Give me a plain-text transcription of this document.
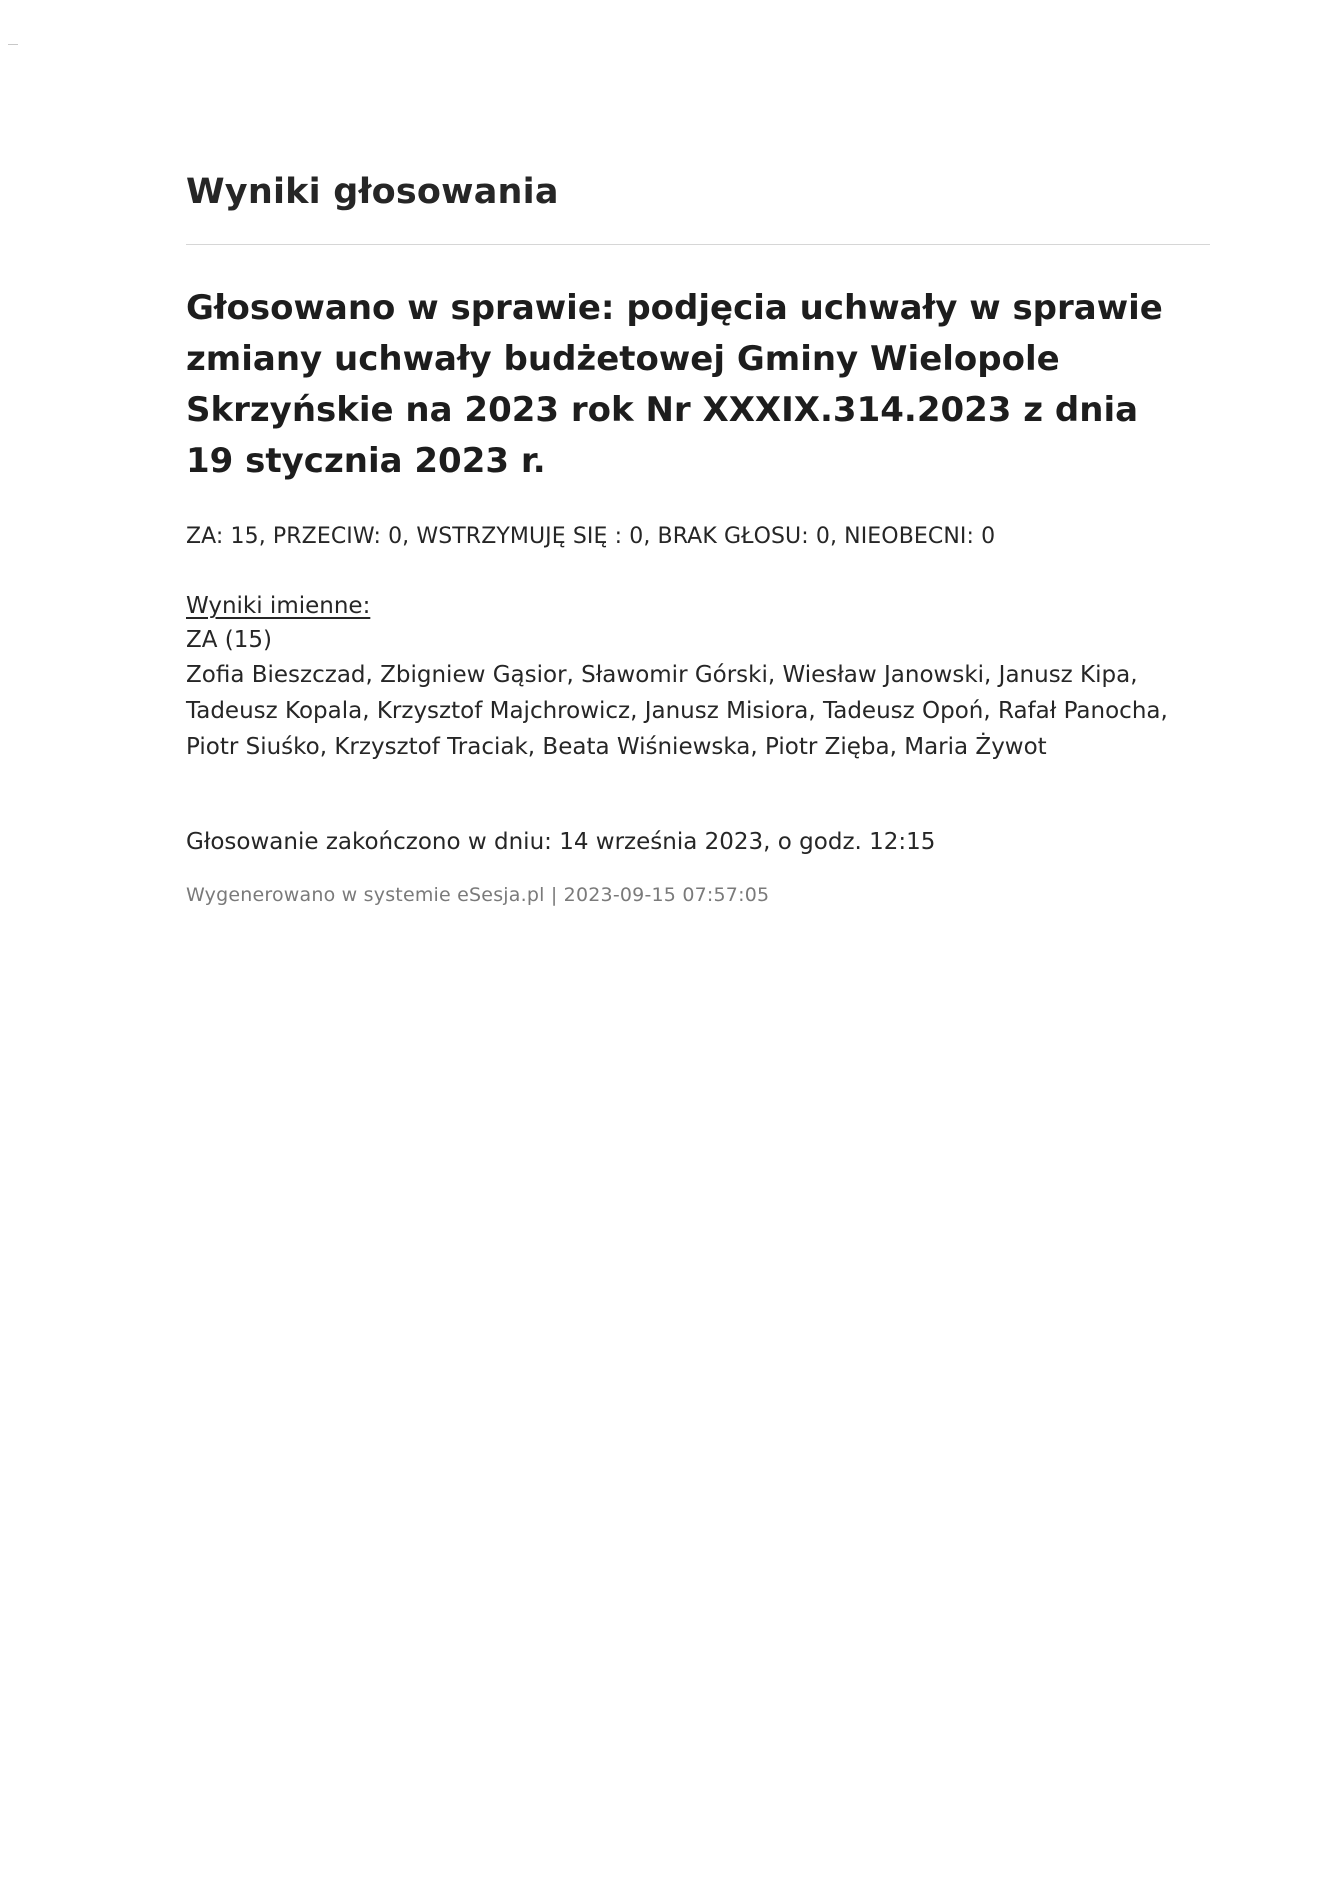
Wyniki głosowania
Głosowano w sprawie: podjęcia uchwały w sprawie zmiany uchwały budżetowej Gminy Wielopole Skrzyńskie na 2023 rok Nr XXXIX.314.2023 z dnia 19 stycznia 2023 r.
ZA: 15, PRZECIW: 0, WSTRZYMUJĘ SIĘ : 0, BRAK GŁOSU: 0, NIEOBECNI: 0
Wyniki imienne:
ZA (15)
Zofia Bieszczad, Zbigniew Gąsior, Sławomir Górski, Wiesław Janowski, Janusz Kipa, Tadeusz Kopala, Krzysztof Majchrowicz, Janusz Misiora, Tadeusz Opoń, Rafał Panocha, Piotr Siuśko, Krzysztof Traciak, Beata Wiśniewska, Piotr Zięba, Maria Żywot
Głosowanie zakończono w dniu: 14 września 2023, o godz. 12:15
Wygenerowano w systemie eSesja.pl | 2023-09-15 07:57:05
